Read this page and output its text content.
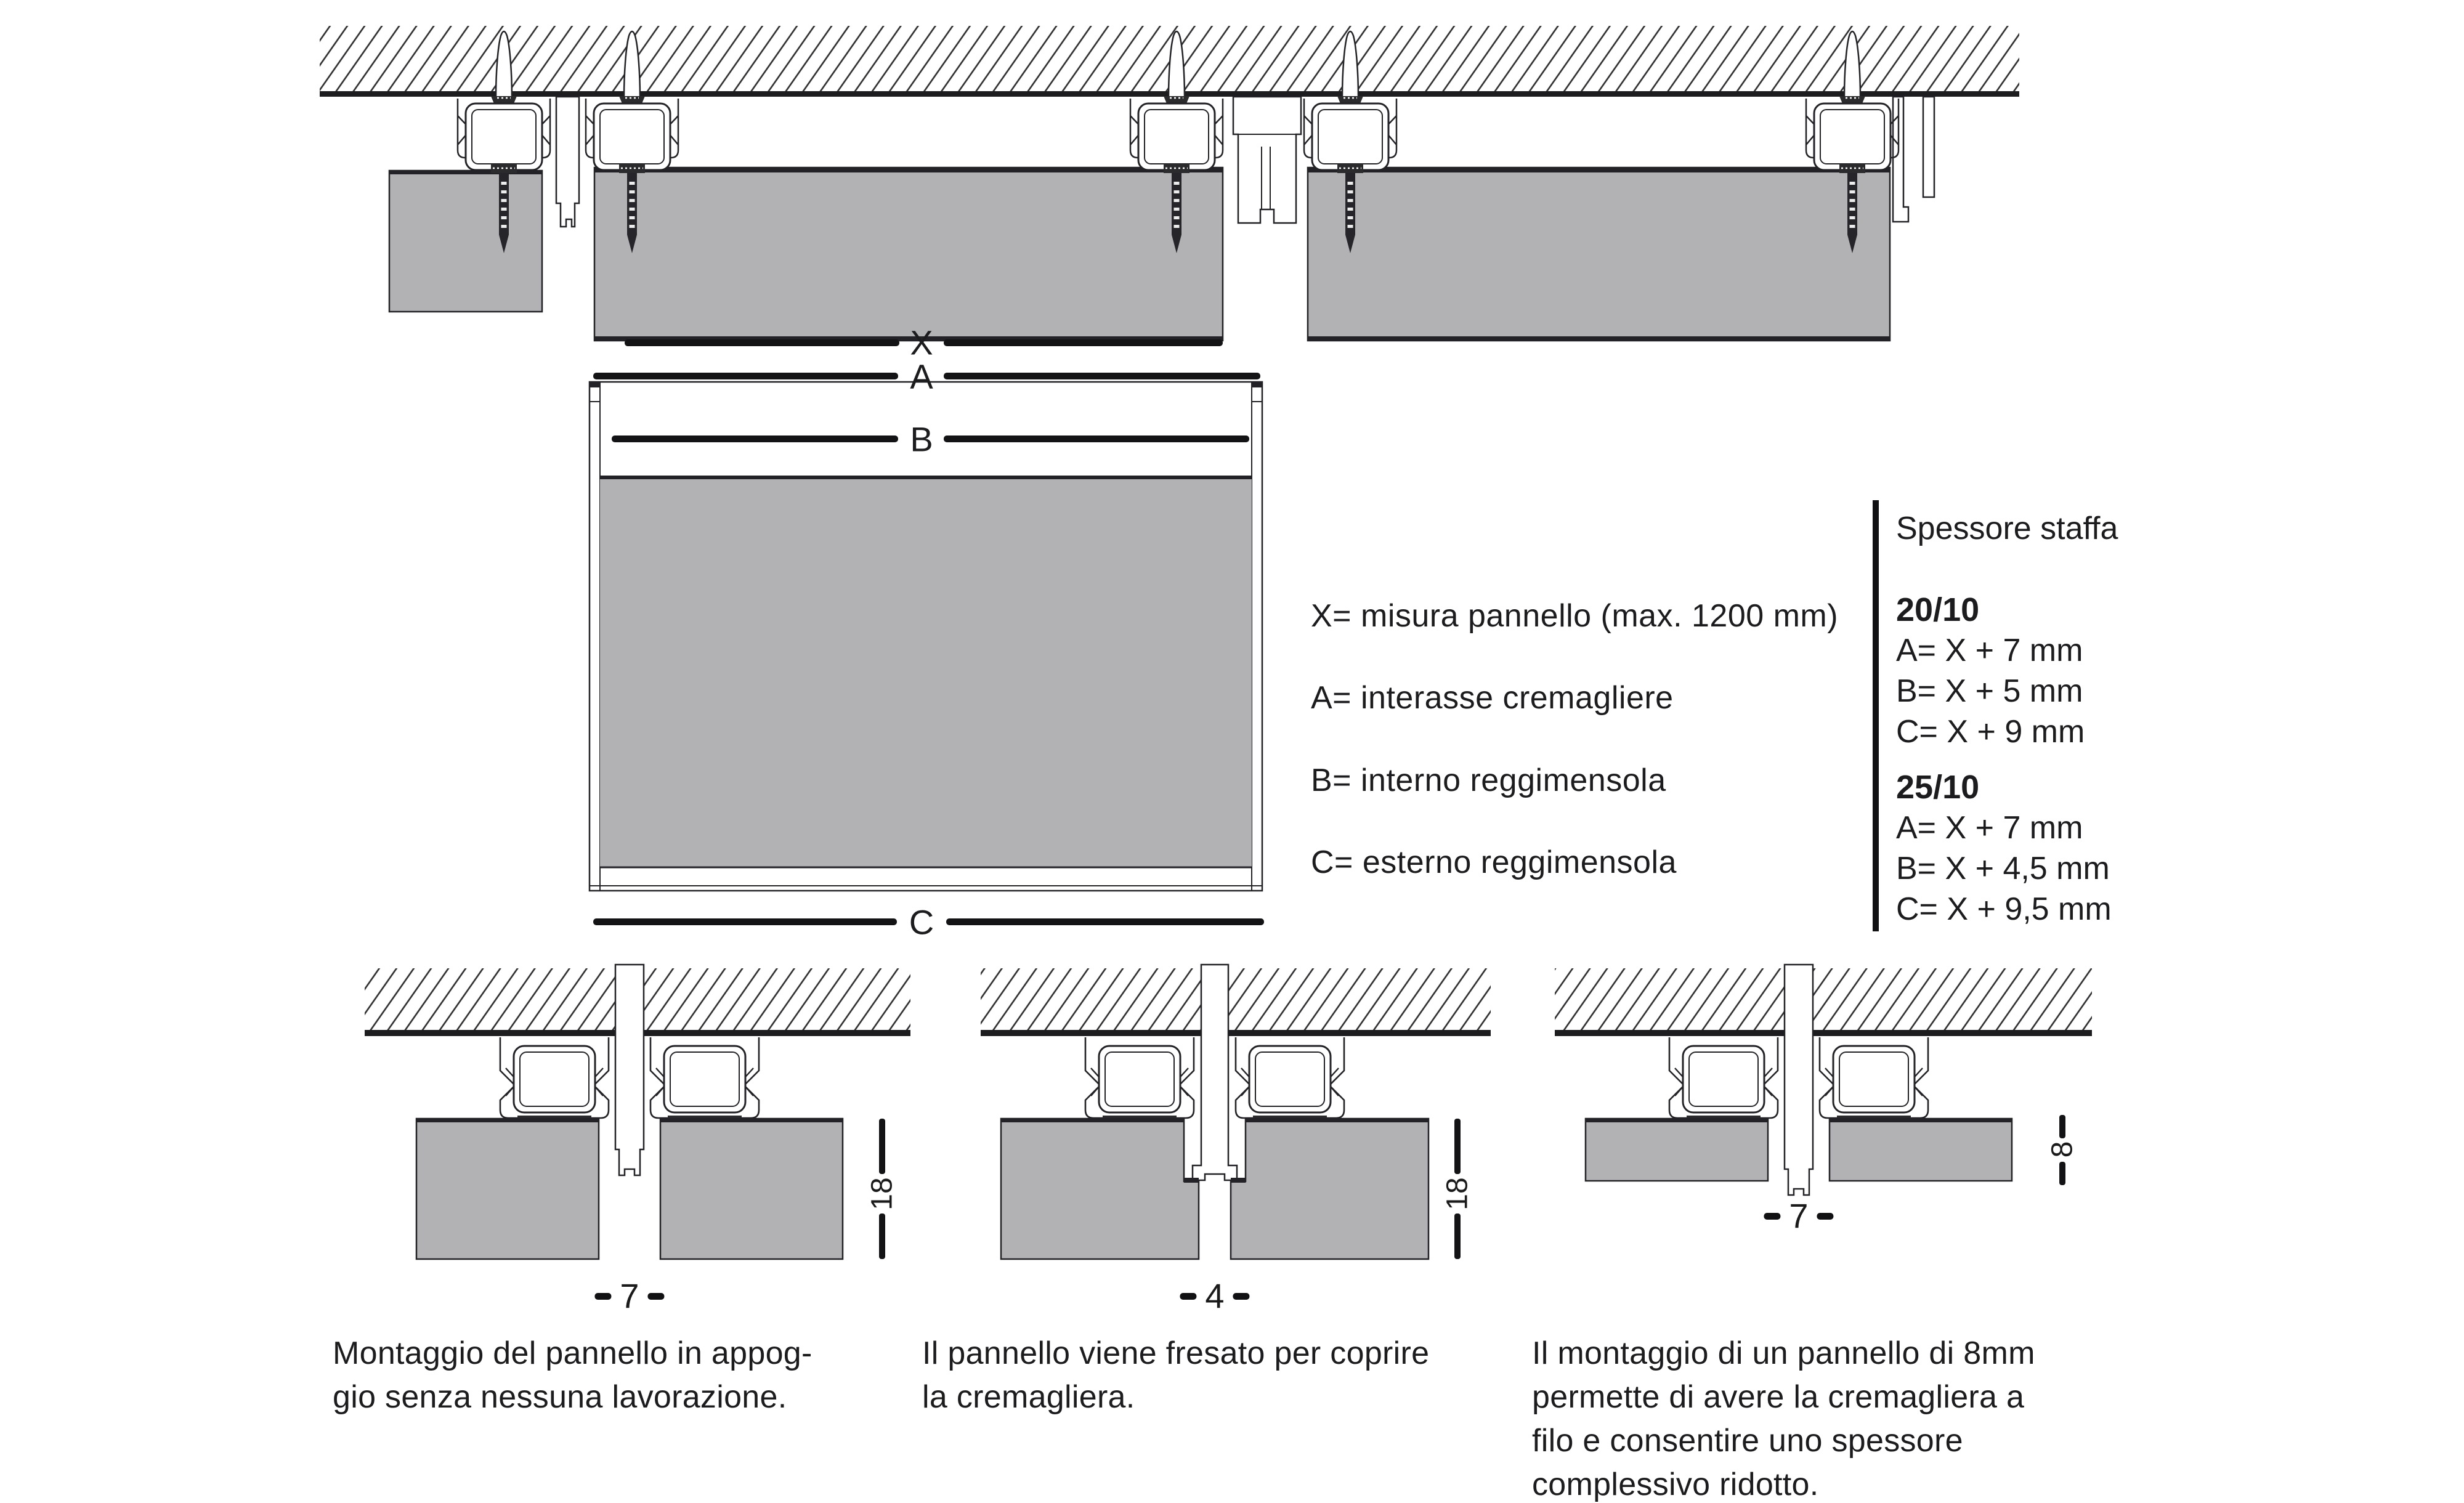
X
A
B
C
X= misura pannello (max. 1200 mm)
A= interasse cremagliere
B= interno reggimensola
C= esterno reggimensola
Spessore staffa
20/10
A= X + 7 mm
B= X + 5 mm
C= X + 9 mm
25/10
A= X + 7 mm
B= X + 4,5 mm
C= X + 9,5 mm
18	18
8
7	4
7
Montaggio del pannello in appog-
gio senza nessuna lavorazione.
Il pannello viene fresato per coprire
la cremagliera.
Il montaggio di un pannello di 8mm
permette di avere la cremagliera a
filo e consentire uno spessore
complessivo ridotto.
